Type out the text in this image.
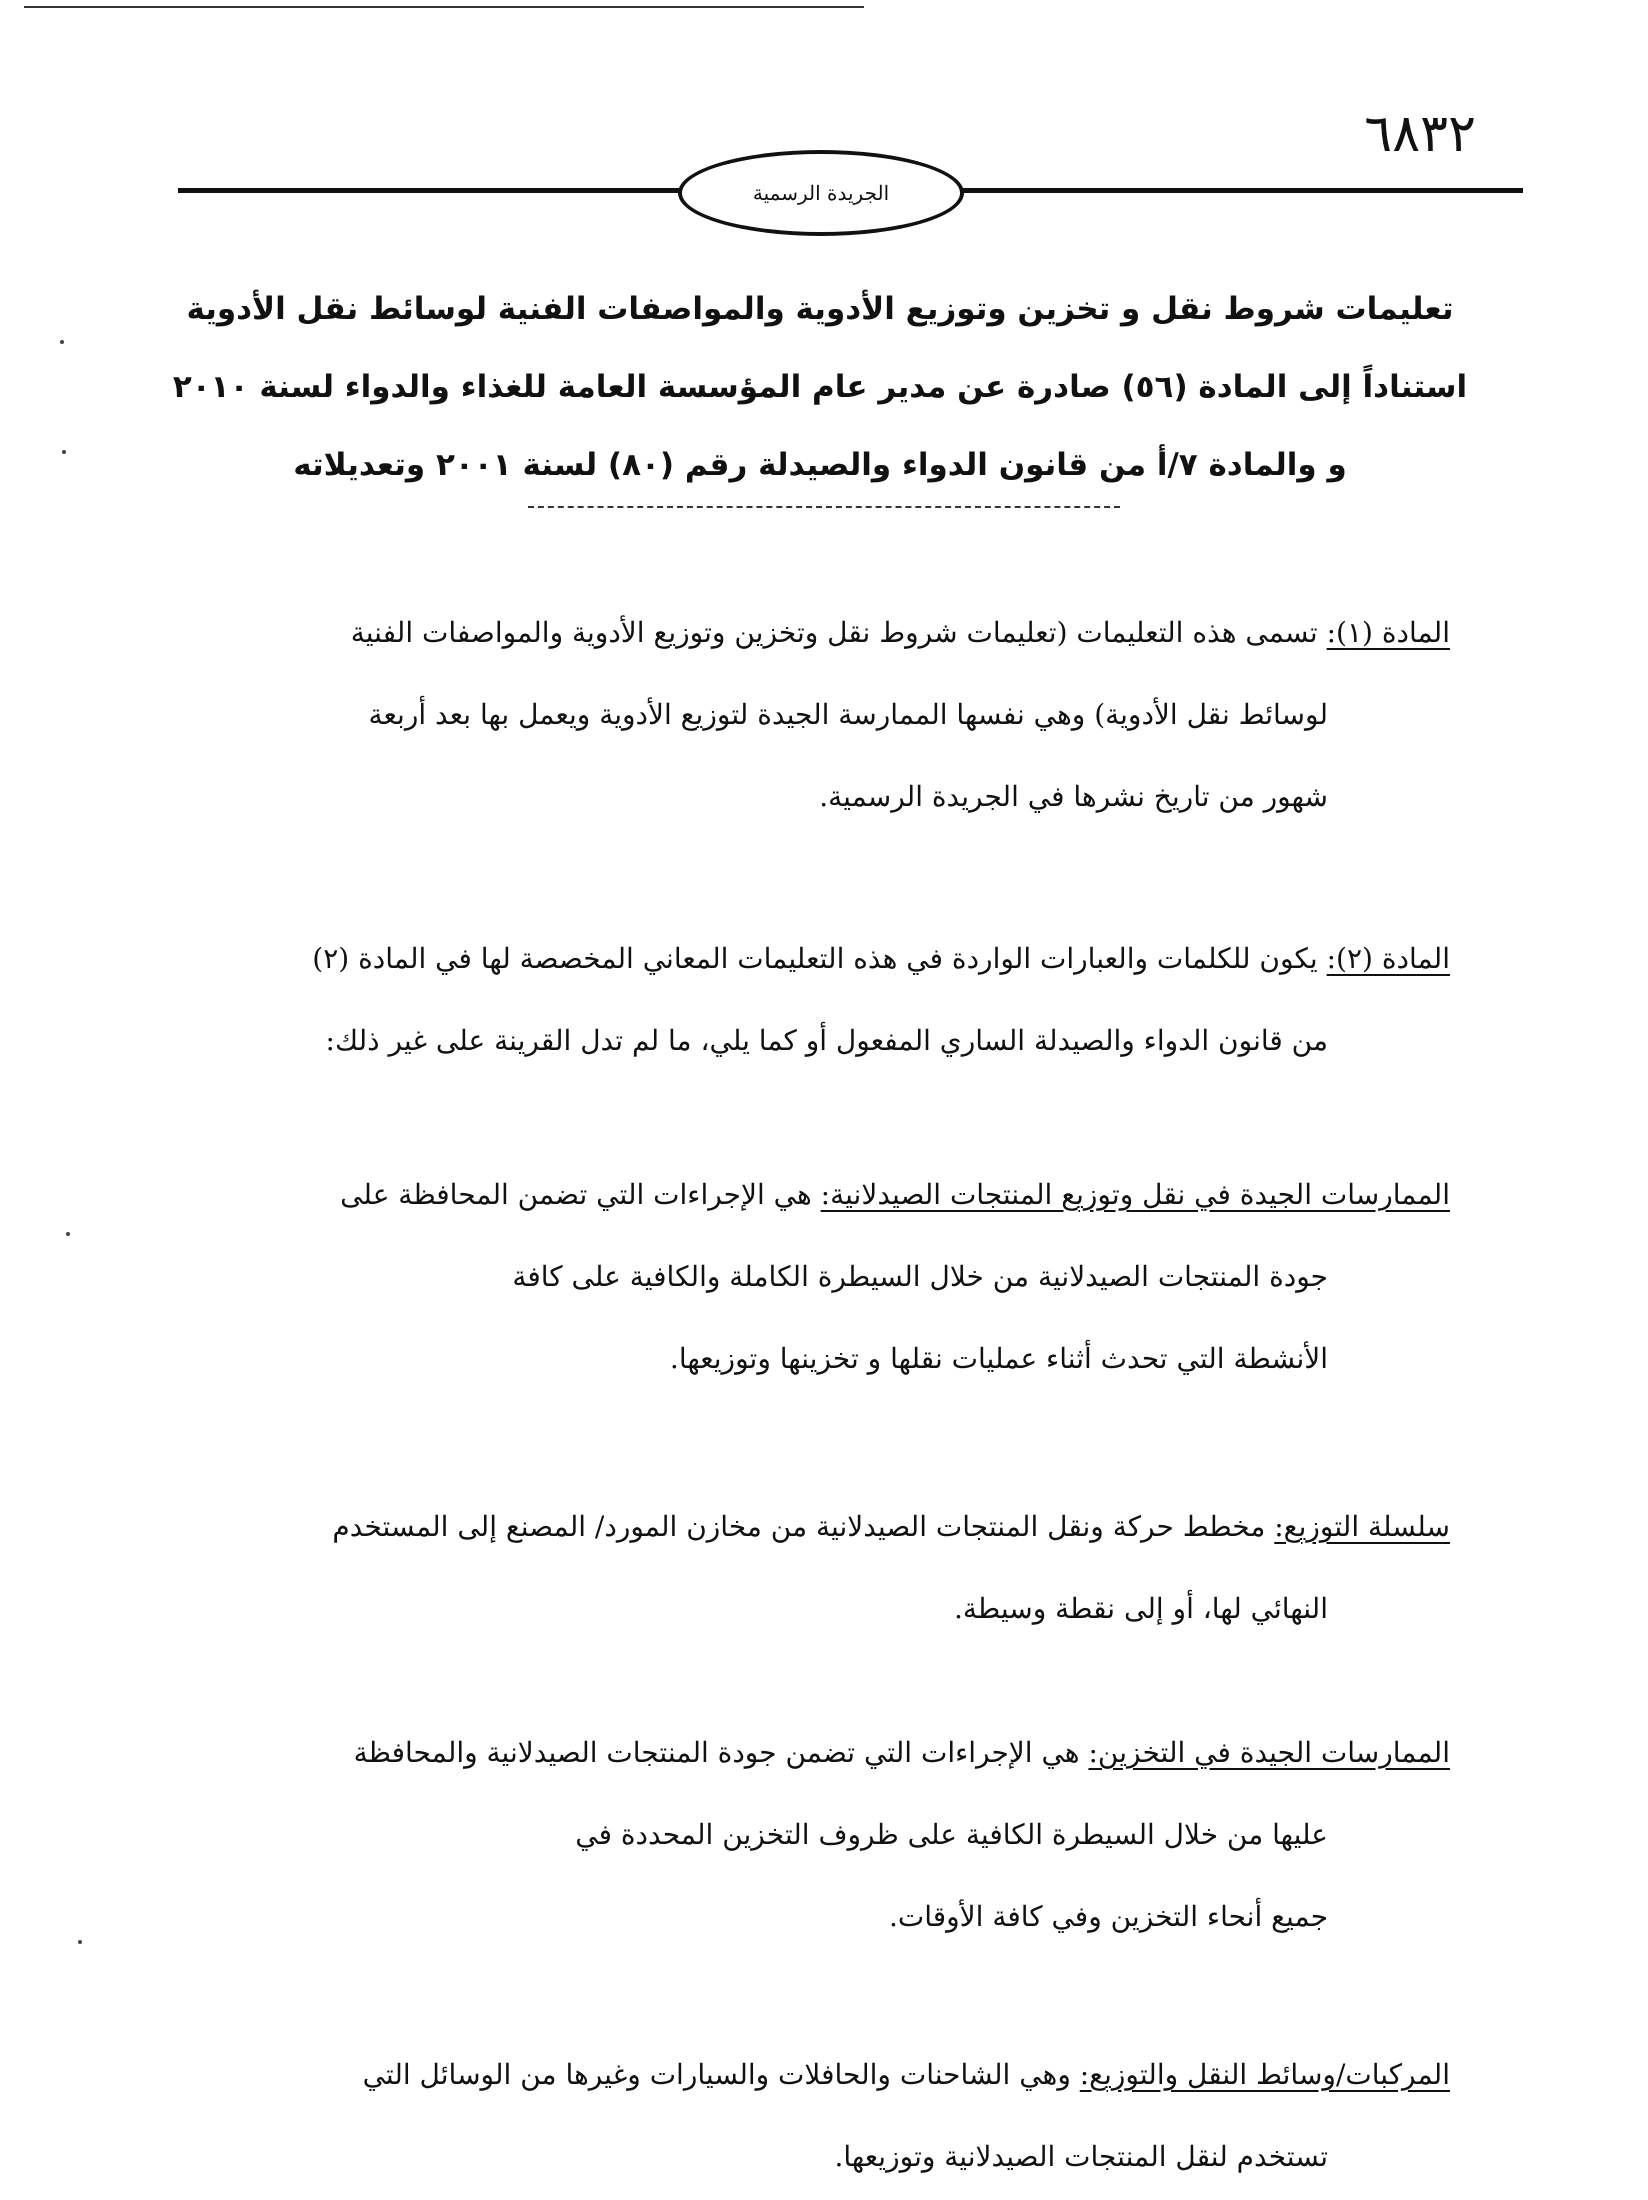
٦٨٣٢
الجريدة الرسمية
تعليمات شروط نقل و تخزين وتوزيع الأدوية والمواصفات الفنية لوسائط نقل الأدوية
استناداً إلى المادة (٥٦) صادرة عن مدير عام المؤسسة العامة للغذاء والدواء لسنة ٢٠١٠
و والمادة ٧/أ من قانون الدواء والصيدلة رقم (٨٠) لسنة ٢٠٠١ وتعديلاته
المادة (١): تسمى هذه التعليمات (تعليمات شروط نقل وتخزين وتوزيع الأدوية والمواصفات الفنية
لوسائط نقل الأدوية) وهي نفسها الممارسة الجيدة لتوزيع الأدوية ويعمل بها بعد أربعة
شهور من تاريخ نشرها في الجريدة الرسمية.
المادة (٢): يكون للكلمات والعبارات الواردة في هذه التعليمات المعاني المخصصة لها في المادة (٢)
من قانون الدواء والصيدلة الساري المفعول أو كما يلي، ما لم تدل القرينة على غير ذلك:
الممارسات الجيدة في نقل وتوزيع المنتجات الصيدلانية: هي الإجراءات التي تضمن المحافظة على
جودة المنتجات الصيدلانية من خلال السيطرة الكاملة والكافية على كافة
الأنشطة التي تحدث أثناء عمليات نقلها و تخزينها وتوزيعها.
سلسلة التوزيع: مخطط حركة ونقل المنتجات الصيدلانية من مخازن المورد/ المصنع إلى المستخدم
النهائي لها، أو إلى نقطة وسيطة.
الممارسات الجيدة في التخزين: هي الإجراءات التي تضمن جودة المنتجات الصيدلانية والمحافظة
عليها من خلال السيطرة الكافية على ظروف التخزين المحددة في
جميع أنحاء التخزين وفي كافة الأوقات.
المركبات/وسائط النقل والتوزيع: وهي الشاحنات والحافلات والسيارات وغيرها من الوسائل التي
تستخدم لنقل المنتجات الصيدلانية وتوزيعها.
